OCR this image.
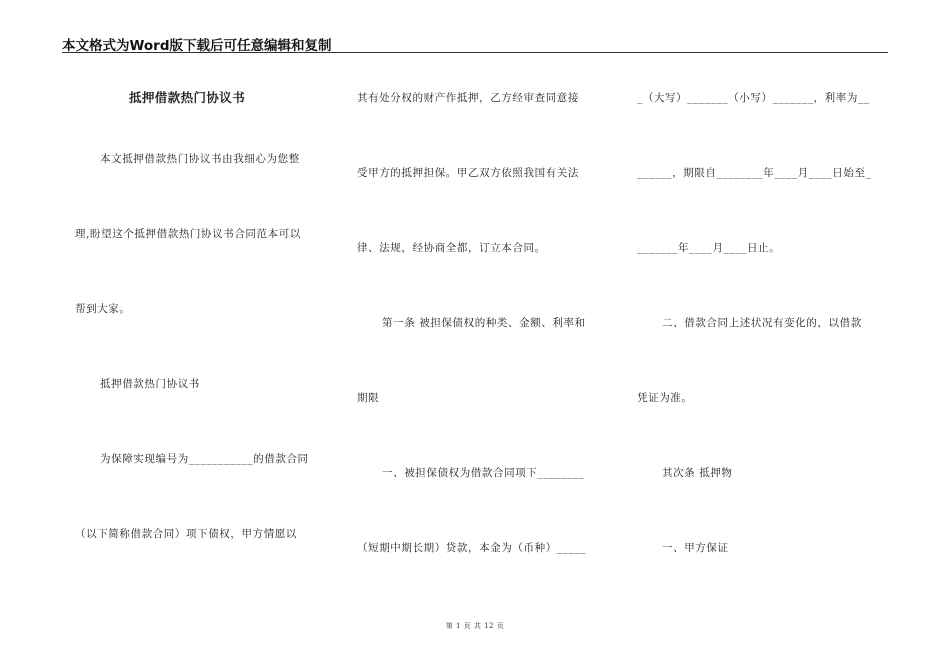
本文格式为Word版下载后可任意编辑和复制
抵押借款热门协议书
本文抵押借款热门协议书由我细心为您整
理,盼望这个抵押借款热门协议书合同范本可以
帮到大家。
抵押借款热门协议书
为保障实现编号为___________的借款合同
（以下简称借款合同）项下债权，甲方情愿以
其有处分权的财产作抵押，乙方经审查同意接
受甲方的抵押担保。甲乙双方依照我国有关法
律、法规，经协商全都，订立本合同。
第一条 被担保债权的种类、金额、利率和
期限
一、被担保债权为借款合同项下________
（短期中期长期）贷款，本金为（币种）_____
_（大写）_______（小写）_______，利率为__
______，期限自________年____月____日始至_
_______年____月____日止。
二、借款合同上述状况有变化的，以借款
凭证为准。
其次条 抵押物
一、甲方保证
第 1 页 共 12 页
